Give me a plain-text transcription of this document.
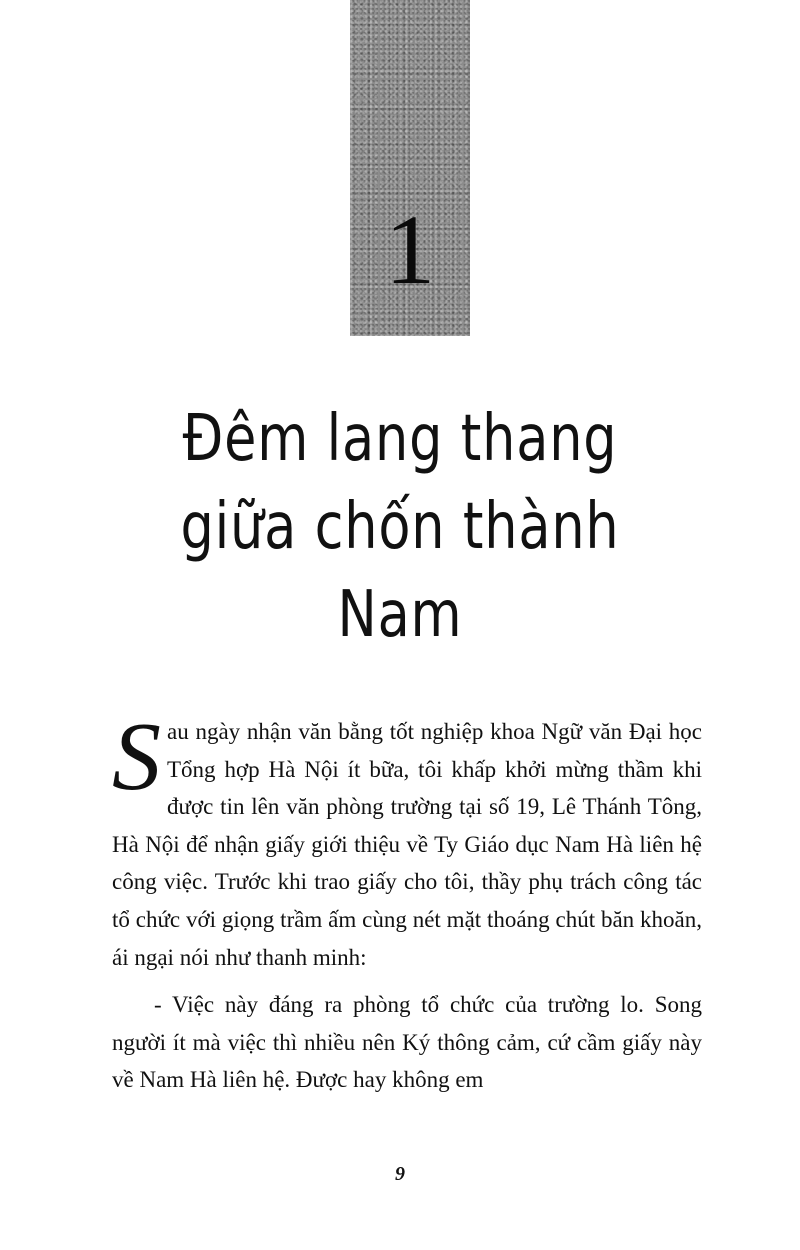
1
Đêm lang thang
giữa chốn thành Nam

Sau ngày nhận văn bằng tốt nghiệp khoa Ngữ văn Đại học Tổng hợp Hà Nội ít bữa, tôi khấp khởi mừng thầm khi được tin lên văn phòng trường tại số 19, Lê Thánh Tông, Hà Nội để nhận giấy giới thiệu về Ty Giáo dục Nam Hà liên hệ công việc. Trước khi trao giấy cho tôi, thầy phụ trách công tác tổ chức với giọng trầm ấm cùng nét mặt thoáng chút băn khoăn, ái ngại nói như thanh minh:

- Việc này đáng ra phòng tổ chức của trường lo. Song người ít mà việc thì nhiều nên Ký thông cảm, cứ cầm giấy này về Nam Hà liên hệ. Được hay không em

9
